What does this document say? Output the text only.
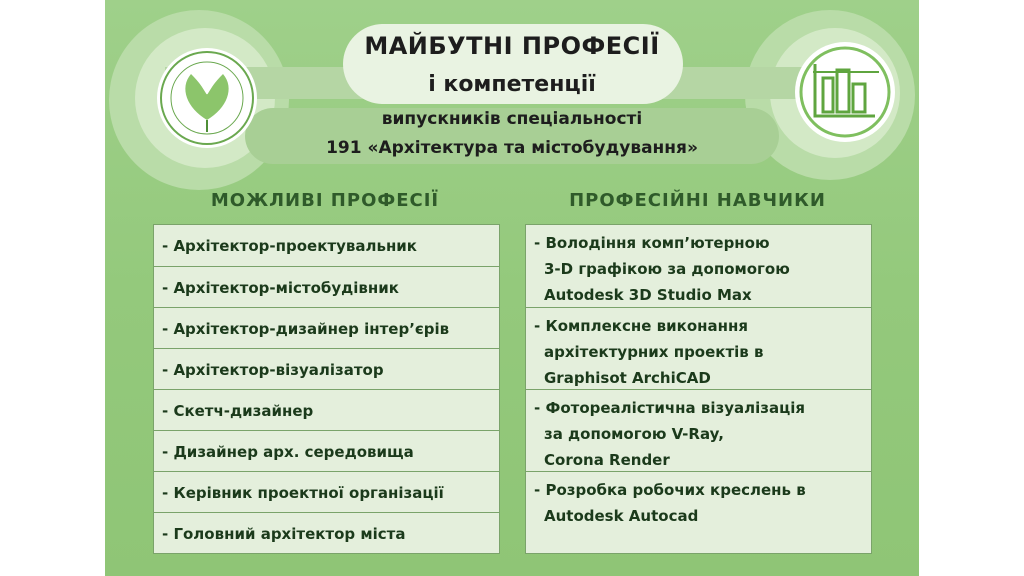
МАЙБУТНІ ПРОФЕСІЇ
і компетенції
випускників спеціальності
191 «Архітектура та містобудування»
МОЖЛИВІ ПРОФЕСІЇ	ПРОФЕСІЙНІ НАВЧИКИ
- Архітектор-проектувальник
- Архітектор-містобудівник
- Архітектор-дизайнер інтер’єрів
- Архітектор-візуалізатор
- Скетч-дизайнер
- Дизайнер арх. середовища
- Керівник проектної організації
- Головний архітектор міста
- Володіння комп’ютерною
3-D графікою за допомогою
Autodesk 3D Studio Max
- Комплексне виконання
архітектурних проектів в
Graphisot ArchiCAD
- Фотореалістична візуалізація
за допомогою V-Ray,
Corona Render
- Розробка робочих креслень в
Autodesk Autocad
